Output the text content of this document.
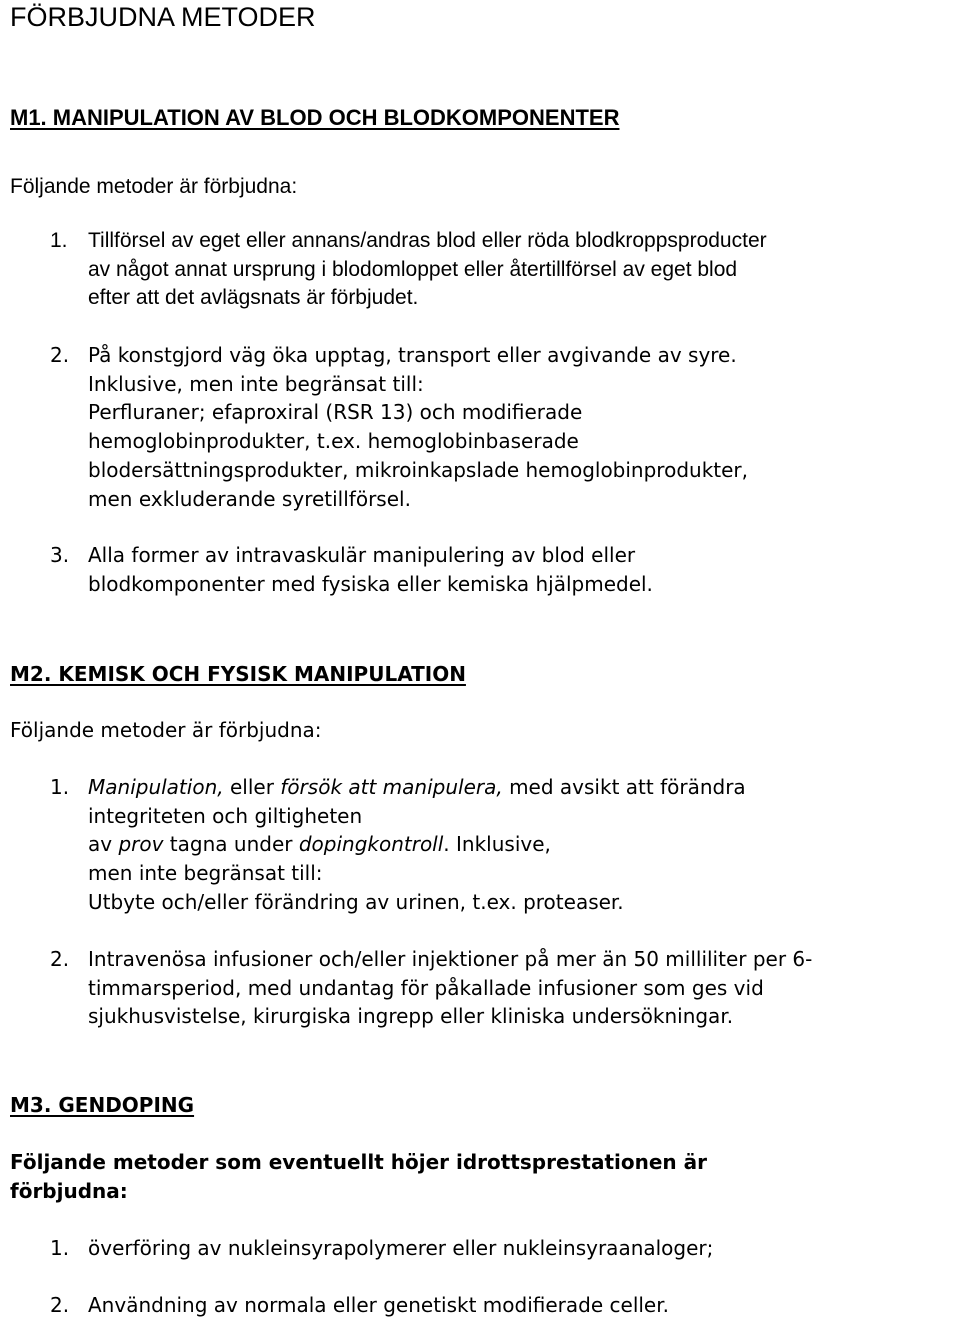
FÖRBJUDNA METODER
M1. MANIPULATION AV BLOD OCH BLODKOMPONENTER

Följande metoder är förbjudna:

1. Tillförsel av eget eller annans/andras blod eller röda blodkroppsproducter
av något annat ursprung i blodomloppet eller återtillförsel av eget blod
efter att det avlägsnats är förbjudet.
2. På konstgjord väg öka upptag, transport eller avgivande av syre.
Inklusive, men inte begränsat till:
Perfluraner; efaproxiral (RSR 13) och modifierade
hemoglobinprodukter, t.ex. hemoglobinbaserade
blodersättningsprodukter, mikroinkapslade hemoglobinprodukter,
men exkluderande syretillförsel.
3. Alla former av intravaskulär manipulering av blod eller
blodkomponenter med fysiska eller kemiska hjälpmedel.
M2. KEMISK OCH FYSISK MANIPULATION

Följande metoder är förbjudna:

1. Manipulation, eller försök att manipulera, med avsikt att förändra
integriteten och giltigheten
av prov tagna under dopingkontroll. Inklusive,
men inte begränsat till:
Utbyte och/eller förändring av urinen, t.ex. proteaser.
2. Intravenösa infusioner och/eller injektioner på mer än 50 milliliter per 6-
timmarsperiod, med undantag för påkallade infusioner som ges vid
sjukhusvistelse, kirurgiska ingrepp eller kliniska undersökningar.
M3. GENDOPING
Följande metoder som eventuellt höjer idrottsprestationen är
förbjudna:
1. överföring av nukleinsyrapolymerer eller nukleinsyraanaloger;
2. Användning av normala eller genetiskt modifierade celler.
